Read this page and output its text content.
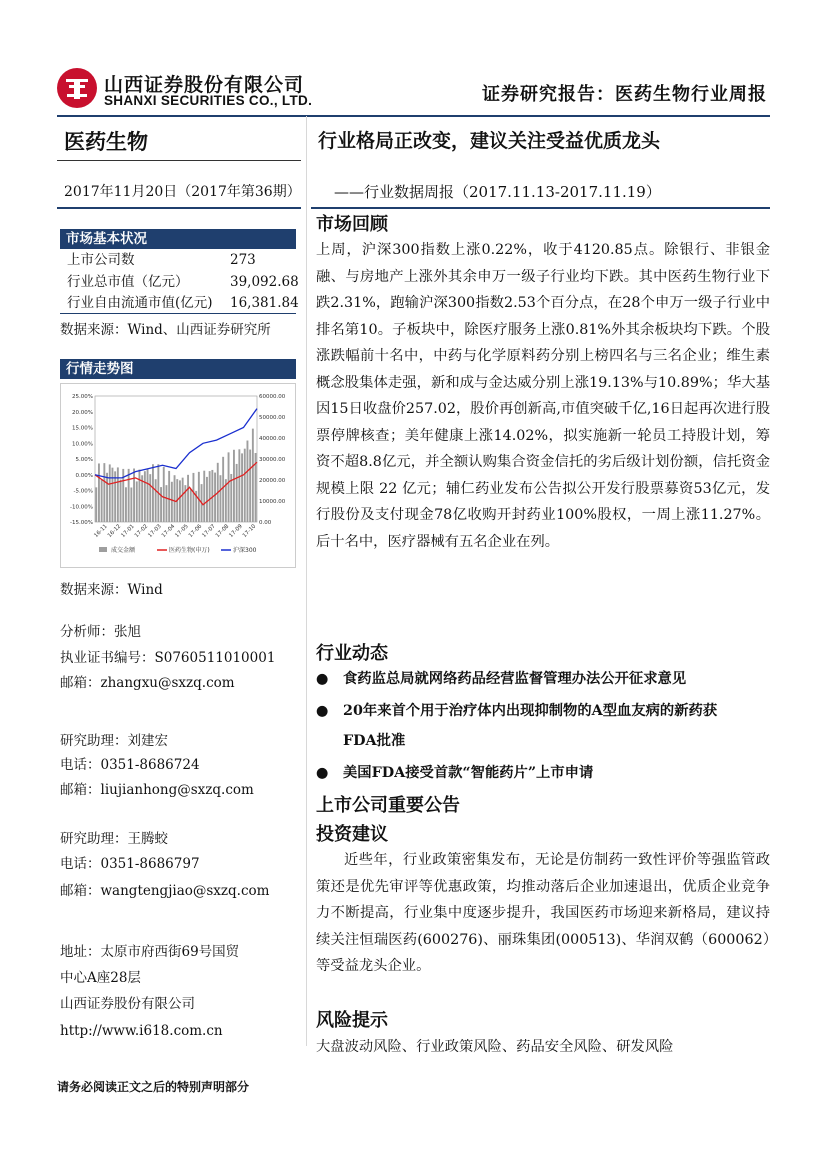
山西证券股份有限公司
SHANXI SECURITIES CO., LTD.	证券研究报告：医药生物行业周报
医药生物	行业格局正改变，建议关注受益优质龙头
2017年11月20日（2017年第36期） ——行业数据周报（2017.11.13-2017.11.19）
市场基本状况
上市公司数	273
行业总市值（亿元）	39,092.68
行业自由流通市值(亿元) 16,381.84
数据来源：Wind、山西证券研究所
行情走势图
25.00%
20.00%
15.00%
10.00%
5.00%
0.00%
-5.00%
-10.00%
-15.00%
60000.00
50000.00
40000.00
30000.00
20000.00
10000.00
0.00
16-11
16-12
17-01
17-02
17-03
17-04
17-05
17-06
17-07
17-08
17-09
17-10
成交金额	医药生物(申万)	沪深300
数据来源：Wind
分析师：张旭
执业证书编号：S0760511010001
邮箱：zhangxu@sxzq.com
研究助理：刘建宏
电话：0351-8686724
邮箱：liujianhong@sxzq.com
研究助理：王腾蛟
电话：0351-8686797
邮箱：wangtengjiao@sxzq.com
地址：太原市府西街69号国贸
中心A座28层
山西证券股份有限公司
http://www.i618.com.cn
市场回顾
上周，沪深300指数上涨0.22%，收于4120.85点。除银行、非银金融、与房地产上涨外其余申万一级子行业均下跌。其中医药生物行业下跌2.31%，跑输沪深300指数2.53个百分点，在28个申万一级子行业中排名第10。子板块中，除医疗服务上涨0.81%外其余板块均下跌。个股涨跌幅前十名中，中药与化学原料药分别上榜四名与三名企业；维生素概念股集体走强，新和成与金达威分别上涨19.13%与10.89%；华大基因15日收盘价257.02，股价再创新高,市值突破千亿,16日起再次进行股票停牌核查；美年健康上涨14.02%，拟实施新一轮员工持股计划，筹资不超8.8亿元，并全额认购集合资金信托的劣后级计划份额，信托资金规模上限 22 亿元；辅仁药业发布公告拟公开发行股票募资53亿元，发行股份及支付现金78亿收购开封药业100%股权，一周上涨11.27%。后十名中，医疗器械有五名企业在列。
行业动态
● 食药监总局就网络药品经营监督管理办法公开征求意见
● 20年来首个用于治疗体内出现抑制物的A型血友病的新药获
FDA批准
● 美国FDA接受首款“智能药片”上市申请
上市公司重要公告
投资建议
近些年，行业政策密集发布，无论是仿制药一致性评价等强监管政策还是优先审评等优惠政策，均推动落后企业加速退出，优质企业竞争力不断提高，行业集中度逐步提升，我国医药市场迎来新格局，建议持续关注恒瑞医药(600276)、丽珠集团(000513)、华润双鹤（600062）等受益龙头企业。
风险提示
大盘波动风险、行业政策风险、药品安全风险、研发风险
请务必阅读正文之后的特别声明部分
